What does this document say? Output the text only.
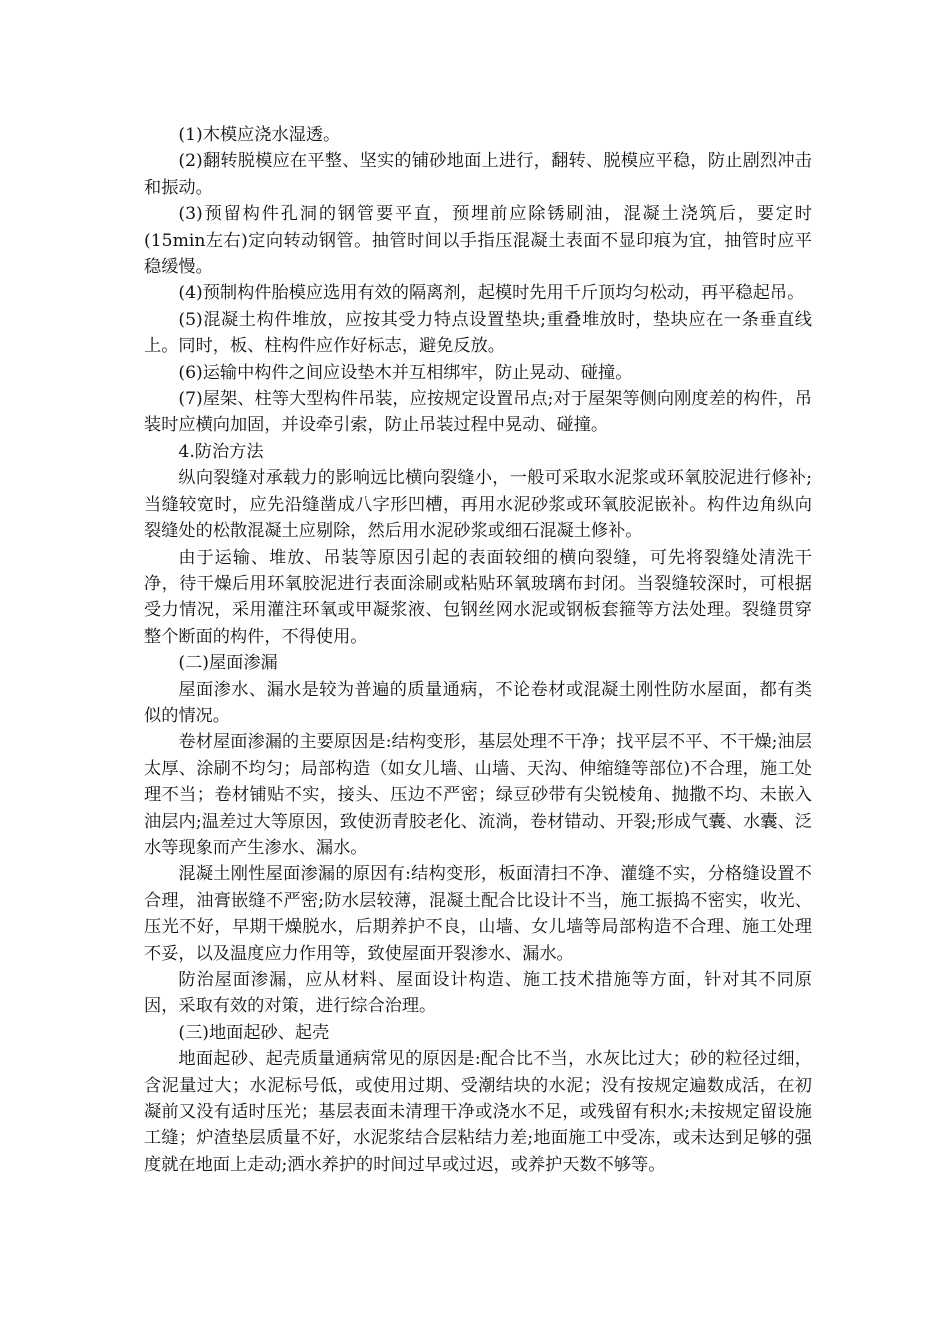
(1)木模应浇水湿透。

(2)翻转脱模应在平整、坚实的铺砂地面上进行，翻转、脱模应平稳，防止剧烈冲击和振动。

(3)预留构件孔洞的钢管要平直，预埋前应除锈刷油，混凝土浇筑后，要定时(15min左右)定向转动钢管。抽管时间以手指压混凝土表面不显印痕为宜，抽管时应平稳缓慢。

(4)预制构件胎模应选用有效的隔离剂，起模时先用千斤顶均匀松动，再平稳起吊。

(5)混凝土构件堆放，应按其受力特点设置垫块;重叠堆放时，垫块应在一条垂直线上。同时，板、柱构件应作好标志，避免反放。

(6)运输中构件之间应设垫木并互相绑牢，防止晃动、碰撞。

(7)屋架、柱等大型构件吊装，应按规定设置吊点;对于屋架等侧向刚度差的构件，吊装时应横向加固，并设牵引索，防止吊装过程中晃动、碰撞。

4.防治方法

纵向裂缝对承载力的影响远比横向裂缝小，一般可采取水泥浆或环氧胶泥进行修补;当缝较宽时，应先沿缝凿成八字形凹槽，再用水泥砂浆或环氧胶泥嵌补。构件边角纵向裂缝处的松散混凝土应剔除，然后用水泥砂浆或细石混凝土修补。

由于运输、堆放、吊装等原因引起的表面较细的横向裂缝，可先将裂缝处清洗干净，待干燥后用环氧胶泥进行表面涂刷或粘贴环氧玻璃布封闭。当裂缝较深时，可根据受力情况，采用灌注环氧或甲凝浆液、包钢丝网水泥或钢板套箍等方法处理。裂缝贯穿整个断面的构件，不得使用。

(二)屋面渗漏

屋面渗水、漏水是较为普遍的质量通病，不论卷材或混凝土刚性防水屋面，都有类似的情况。

卷材屋面渗漏的主要原因是:结构变形，基层处理不干净；找平层不平、不干燥;油层太厚、涂刷不均匀；局部构造（如女儿墙、山墙、天沟、伸缩缝等部位)不合理，施工处理不当；卷材铺贴不实，接头、压边不严密；绿豆砂带有尖锐棱角、抛撒不均、未嵌入油层内;温差过大等原因，致使沥青胶老化、流淌，卷材错动、开裂;形成气囊、水囊、泛水等现象而产生渗水、漏水。

混凝土刚性屋面渗漏的原因有:结构变形，板面清扫不净、灌缝不实，分格缝设置不合理，油膏嵌缝不严密;防水层较薄，混凝土配合比设计不当，施工振捣不密实，收光、压光不好，早期干燥脱水，后期养护不良，山墙、女儿墙等局部构造不合理、施工处理不妥，以及温度应力作用等，致使屋面开裂渗水、漏水。

防治屋面渗漏，应从材料、屋面设计构造、施工技术措施等方面，针对其不同原因，采取有效的对策，进行综合治理。

(三)地面起砂、起壳

地面起砂、起壳质量通病常见的原因是:配合比不当，水灰比过大；砂的粒径过细，含泥量过大；水泥标号低，或使用过期、受潮结块的水泥；没有按规定遍数成活，在初凝前又没有适时压光；基层表面未清理干净或浇水不足，或残留有积水;未按规定留设施工缝；炉渣垫层质量不好，水泥浆结合层粘结力差;地面施工中受冻，或未达到足够的强度就在地面上走动;洒水养护的时间过早或过迟，或养护天数不够等。
